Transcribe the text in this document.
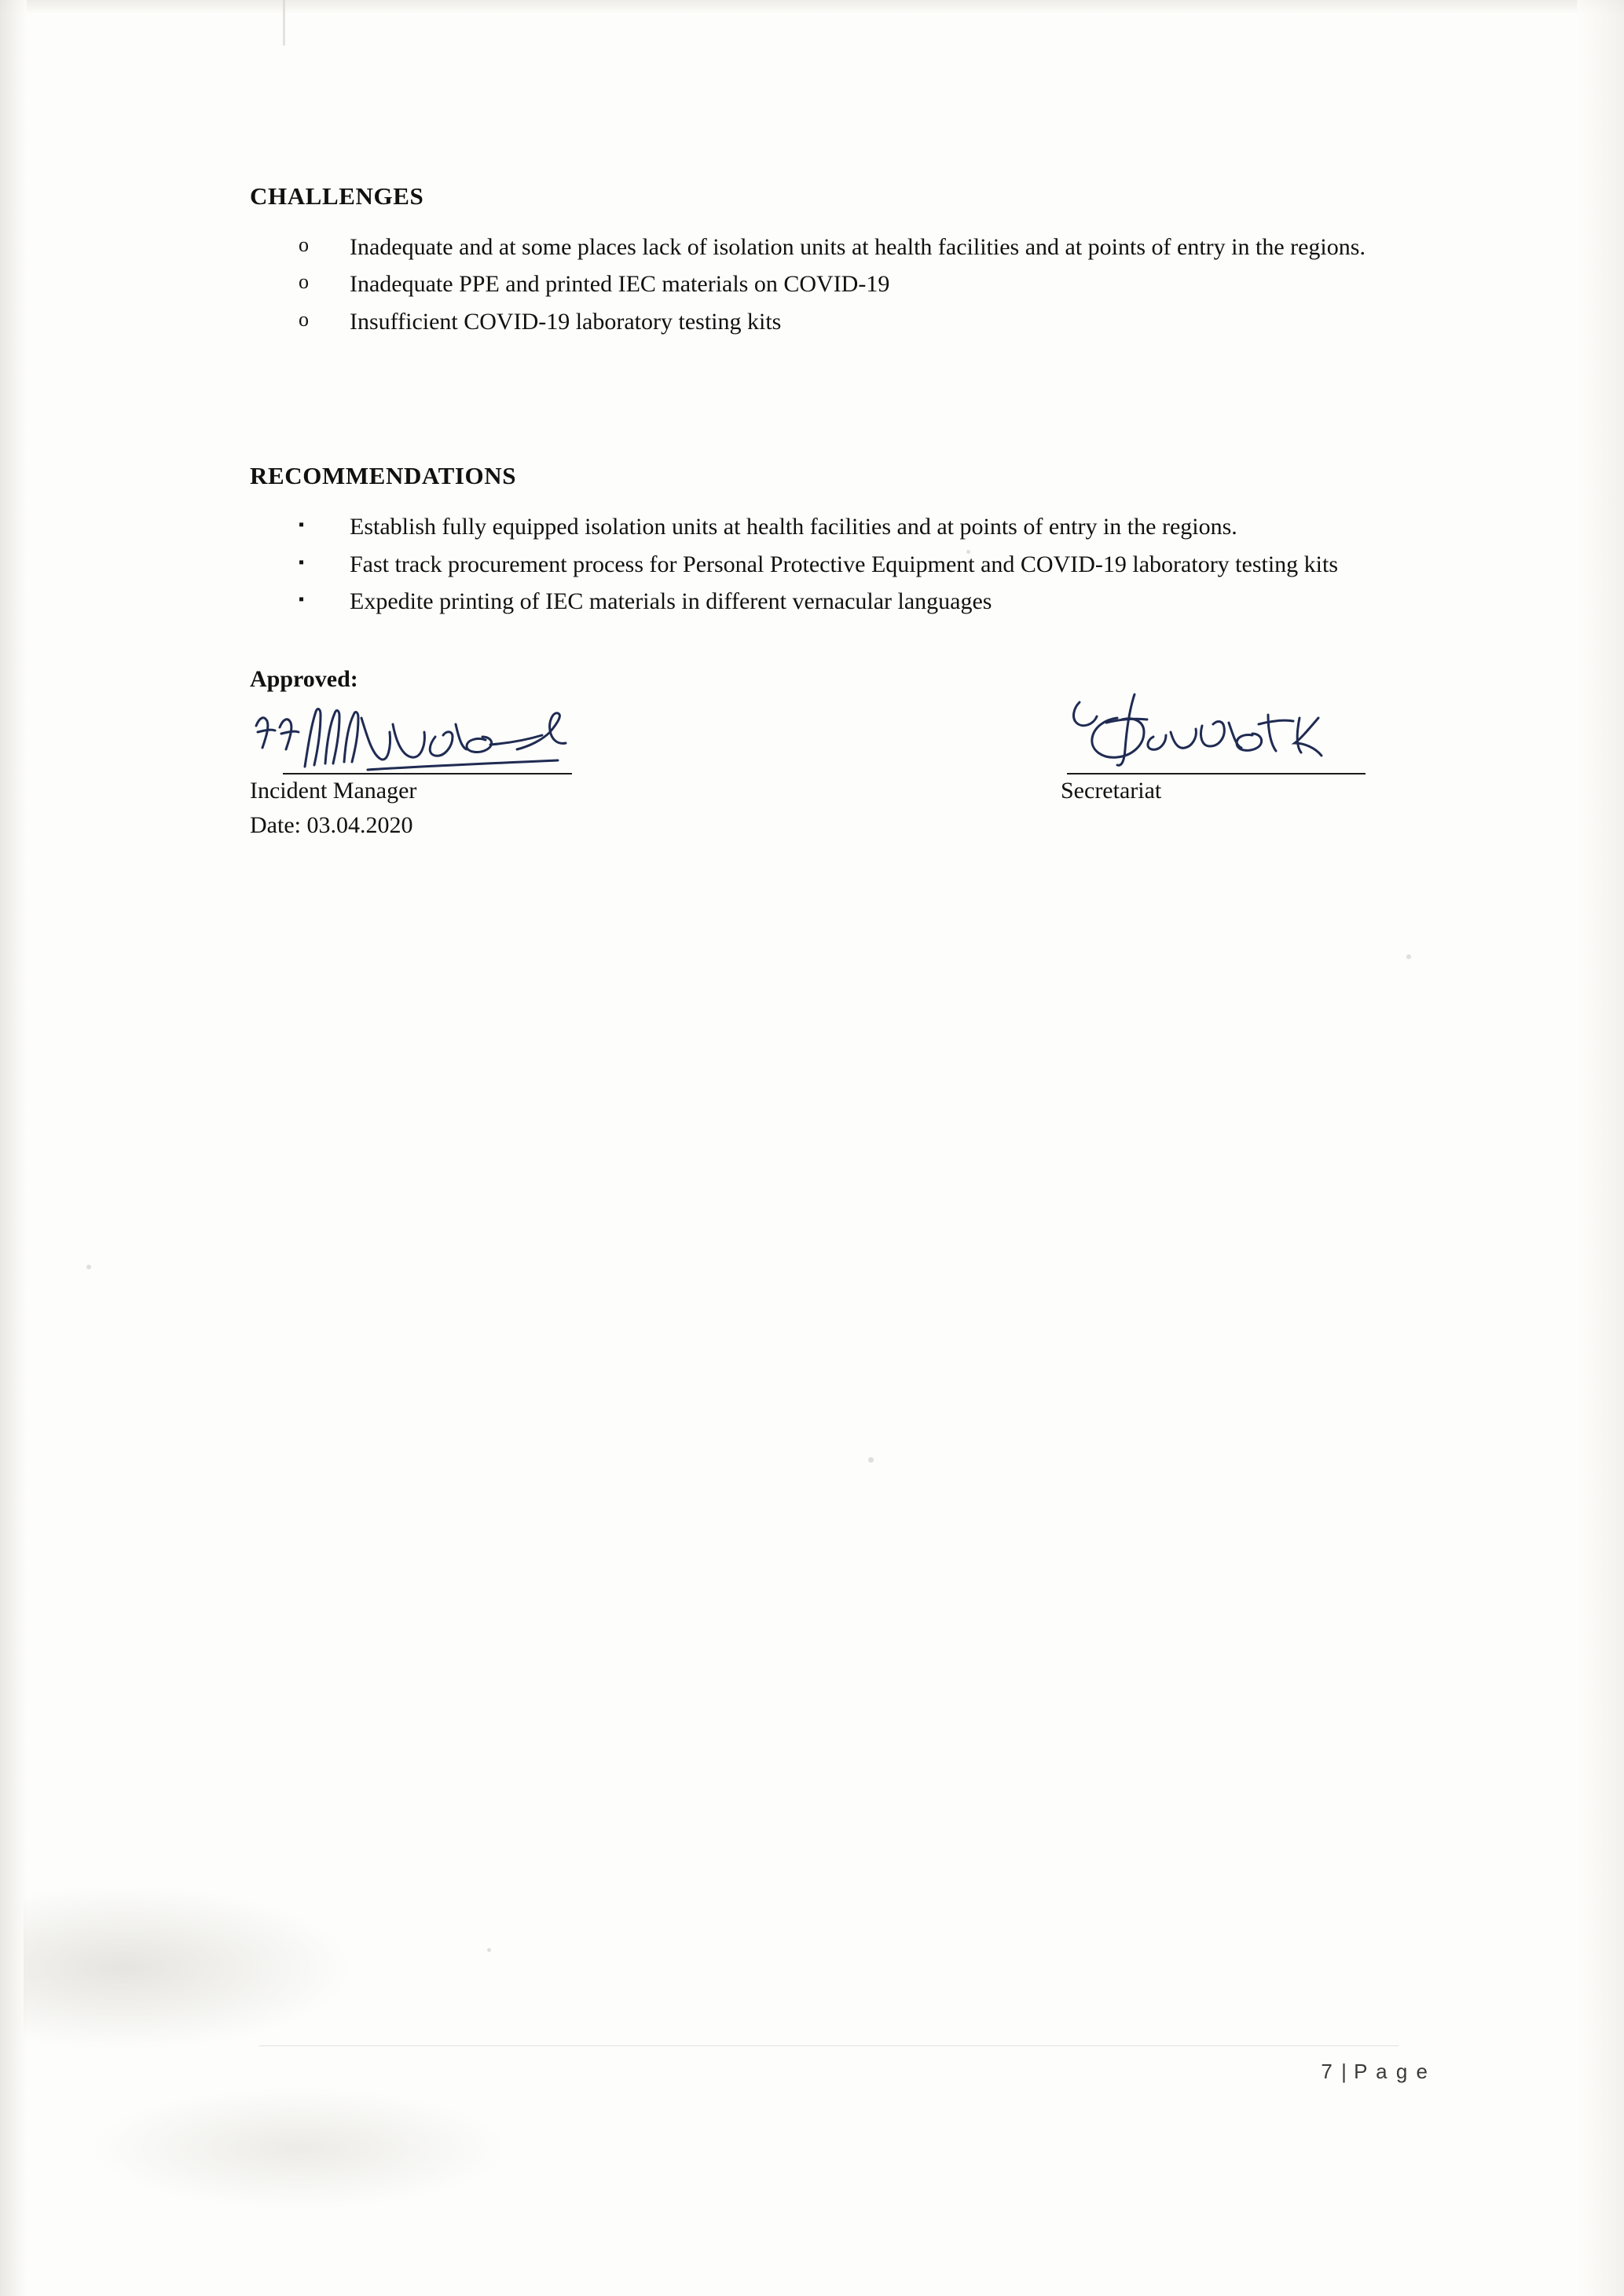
CHALLENGES
o Inadequate and at some places lack of isolation units at health facilities and at points of entry in the regions.
o Inadequate PPE and printed IEC materials on COVID-19
o Insufficient COVID-19 laboratory testing kits
RECOMMENDATIONS
▪ Establish fully equipped isolation units at health facilities and at points of entry in the regions.
▪ Fast track procurement process for Personal Protective Equipment and COVID-19 laboratory testing kits
▪ Expedite printing of IEC materials in different vernacular languages

Approved:

Incident Manager
Date: 03.04.2020
Secretariat
7 | P a g e
